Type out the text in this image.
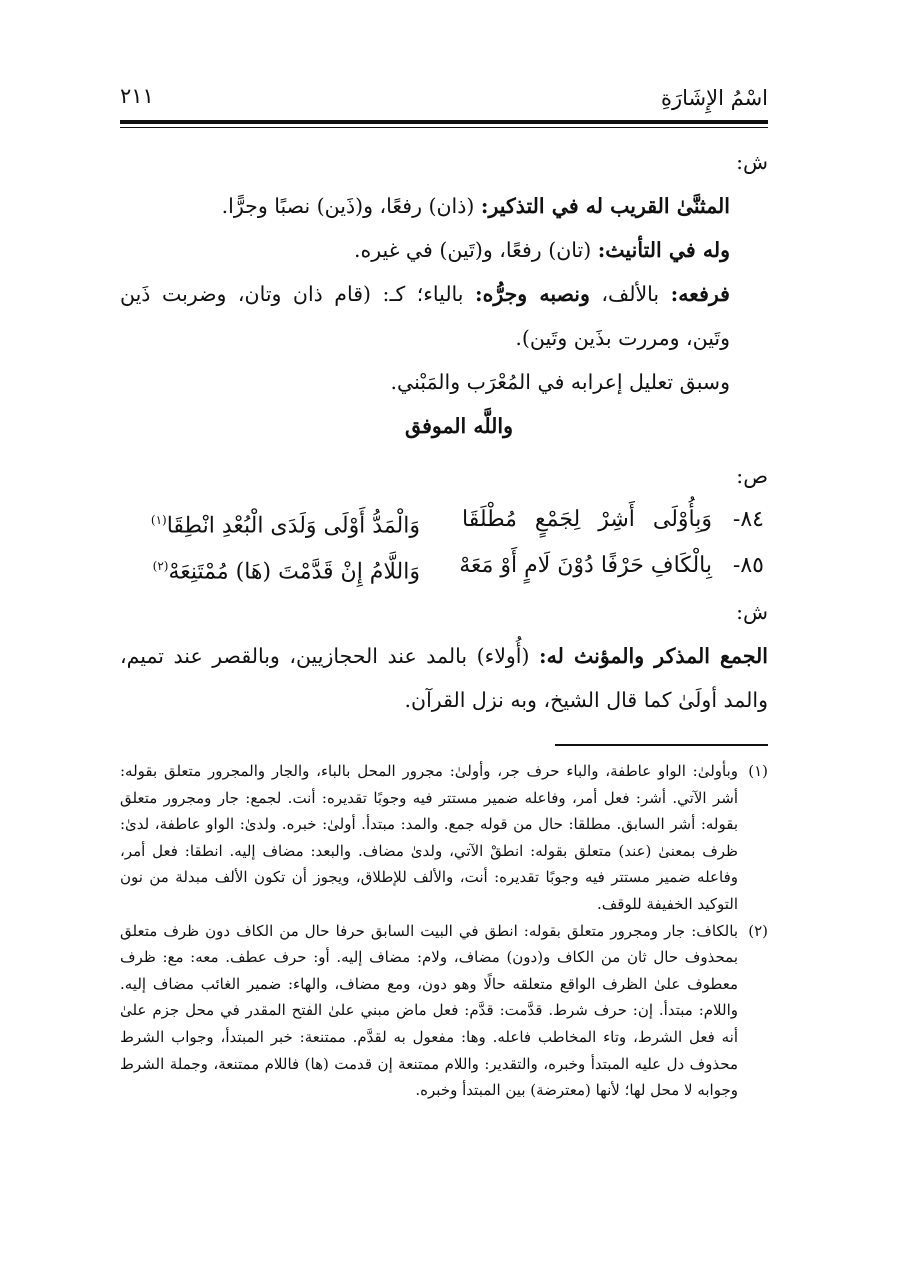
اسْمُ الإِشَارَةِ
٢١١

ش:

المثنَّىٰ القريب له في التذكير: (ذان) رفعًا، و(ذَين) نصبًا وجرًّا.

وله في التأنيث: (تان) رفعًا، و(تَين) في غيره.

فرفعه: بالألف، ونصبه وجرُّه: بالياء؛ كـ: (قام ذان وتان، وضربت ذَين وتَين، ومررت بذَين وتَين).

وسبق تعليل إعرابه في المُعْرَب والمَبْني.

واللَّه الموفق

ص:

٨٤-
وَبِأُوْلَى أَشِرْ لِجَمْعٍ مُطْلَقَا
وَالْمَدُّ أَوْلَى وَلَدَى الْبُعْدِ انْطِقَا$^{(١)}$
٨٥-
بِالْكَافِ حَرْفًا دُوْنَ لَامٍ أَوْ مَعَهْ
وَاللَّامُ إِنْ قَدَّمْتَ (هَا) مُمْتَنِعَهْ$^{(٢)}$

ش:

الجمع المذكر والمؤنث له: (أُولاء) بالمد عند الحجازيين، وبالقصر عند تميم، والمد أولَىٰ كما قال الشيخ، وبه نزل القرآن.

(١)
وبأولىٰ: الواو عاطفة، والباء حرف جر، وأولىٰ: مجرور المحل بالباء، والجار والمجرور متعلق بقوله: أشر الآتي. أشر: فعل أمر، وفاعله ضمير مستتر فيه وجوبًا تقديره: أنت. لجمع: جار ومجرور متعلق بقوله: أشر السابق. مطلقا: حال من قوله جمع. والمد: مبتدأ. أولىٰ: خبره. ولدىٰ: الواو عاطفة، لدىٰ: ظرف بمعنىٰ (عند) متعلق بقوله: انطقْ الآتي، ولدىٰ مضاف. والبعد: مضاف إليه. انطقا: فعل أمر، وفاعله ضمير مستتر فيه وجوبًا تقديره: أنت، والألف للإطلاق، ويجوز أن تكون الألف مبدلة من نون التوكيد الخفيفة للوقف.
(٢)
بالكاف: جار ومجرور متعلق بقوله: انطق في البيت السابق حرفا حال من الكاف دون ظرف متعلق بمحذوف حال ثان من الكاف و(دون) مضاف، ولام: مضاف إليه. أو: حرف عطف. معه: مع: ظرف معطوف علىٰ الظرف الواقع متعلقه حالًا وهو دون، ومع مضاف، والهاء: ضمير الغائب مضاف إليه. واللام: مبتدأ. إن: حرف شرط. قدَّمت: قدَّم: فعل ماض مبني علىٰ الفتح المقدر في محل جزم علىٰ أنه فعل الشرط، وتاء المخاطب فاعله. وها: مفعول به لقدَّم. ممتنعة: خبر المبتدأ، وجواب الشرط محذوف دل عليه المبتدأ وخبره، والتقدير: واللام ممتنعة إن قدمت (ها) فاللام ممتنعة، وجملة الشرط وجوابه لا محل لها؛ لأنها (معترضة) بين المبتدأ وخبره.
